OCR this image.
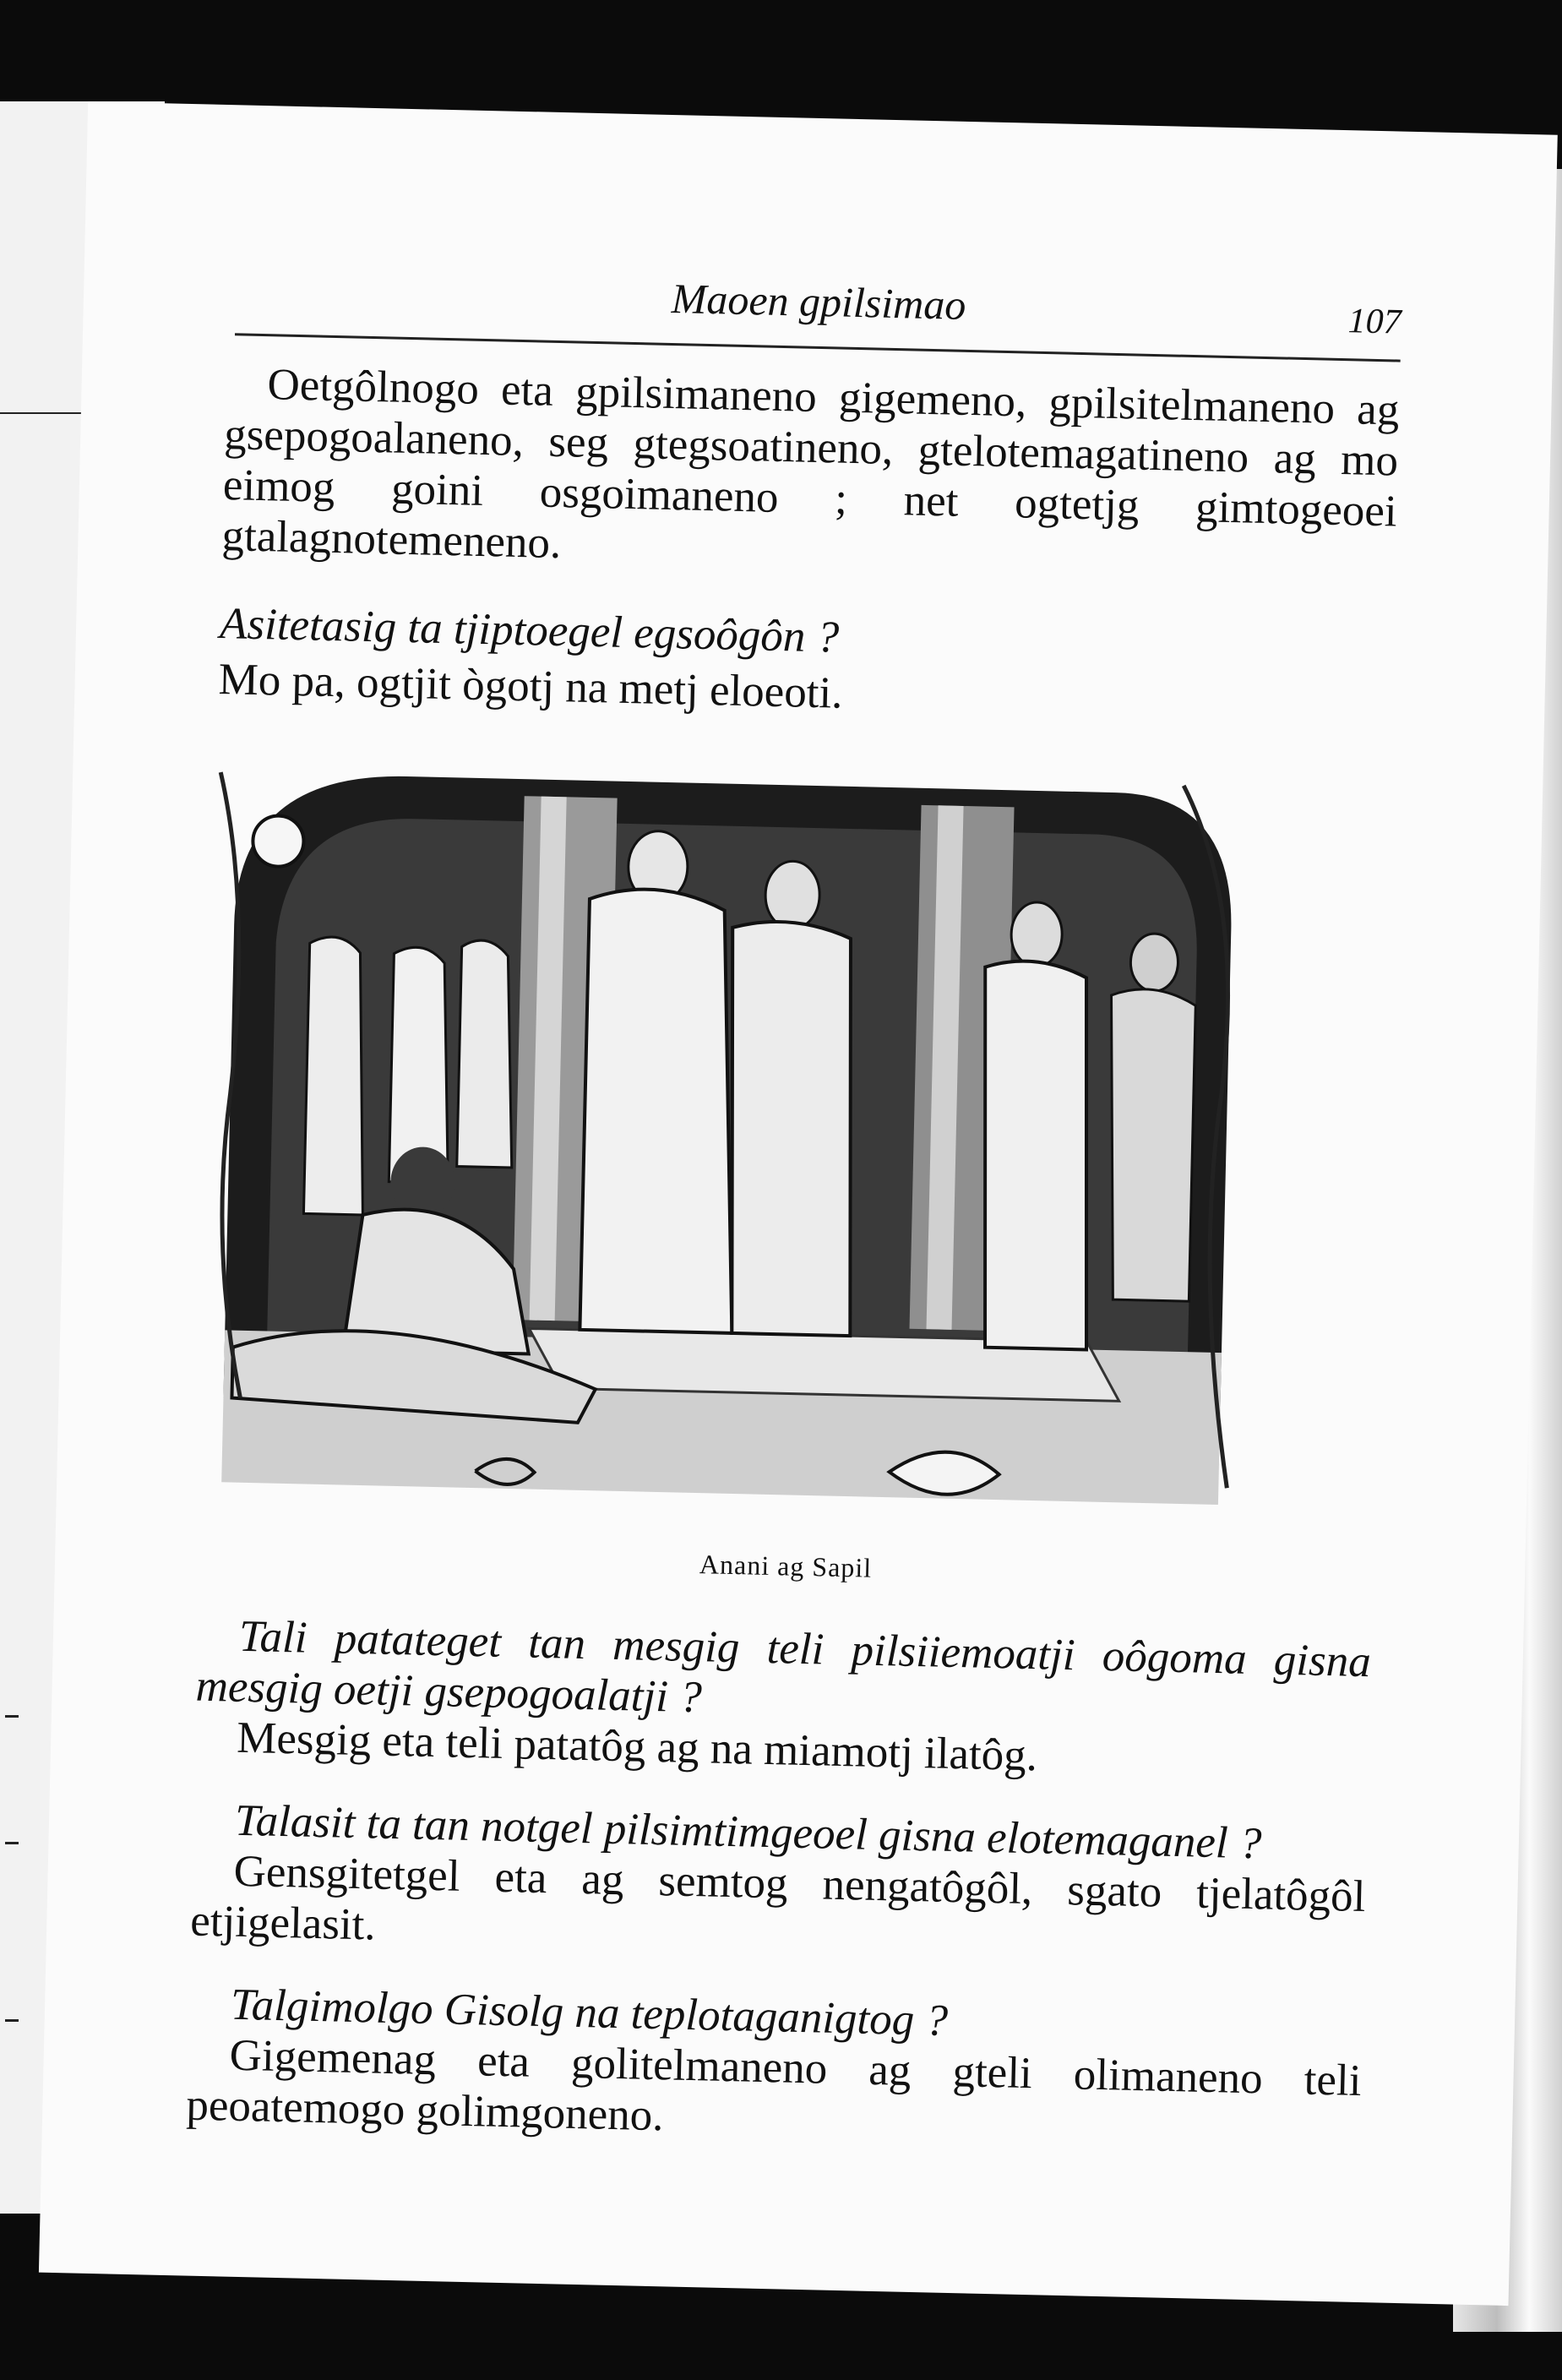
Maoen gpilsimao	107

Oetgôlnogo eta gpilsimaneno gigemeno, gpilsitelmaneno ag gsepogoalaneno, seg gtegsoatineno, gtelotemagatineno ag mo eimog goini osgoimaneno ; net ogtetjg gimtogeoei gtalagnotemeneno.

Asitetasig ta tjiptoegel egsoôgôn ?

Mo pa, ogtjit ògotj na metj eloeoti.

Anani ag Sapil

Tali patateget tan mesgig teli pilsiiemoatji oôgoma gisna mesgig oetji gsepogoalatji ?

Mesgig eta teli patatôg ag na miamotj ilatôg.

Talasit ta tan notgel pilsimtimgeoel gisna elotemaganel ?

Gensgitetgel eta ag semtog nengatôgôl, sgato tjelatôgôl etjigelasit.

Talgimolgo Gisolg na teplotaganigtog ?

Gigemenag eta golitelmaneno ag gteli olimaneno teli peoatemogo golimgoneno.
